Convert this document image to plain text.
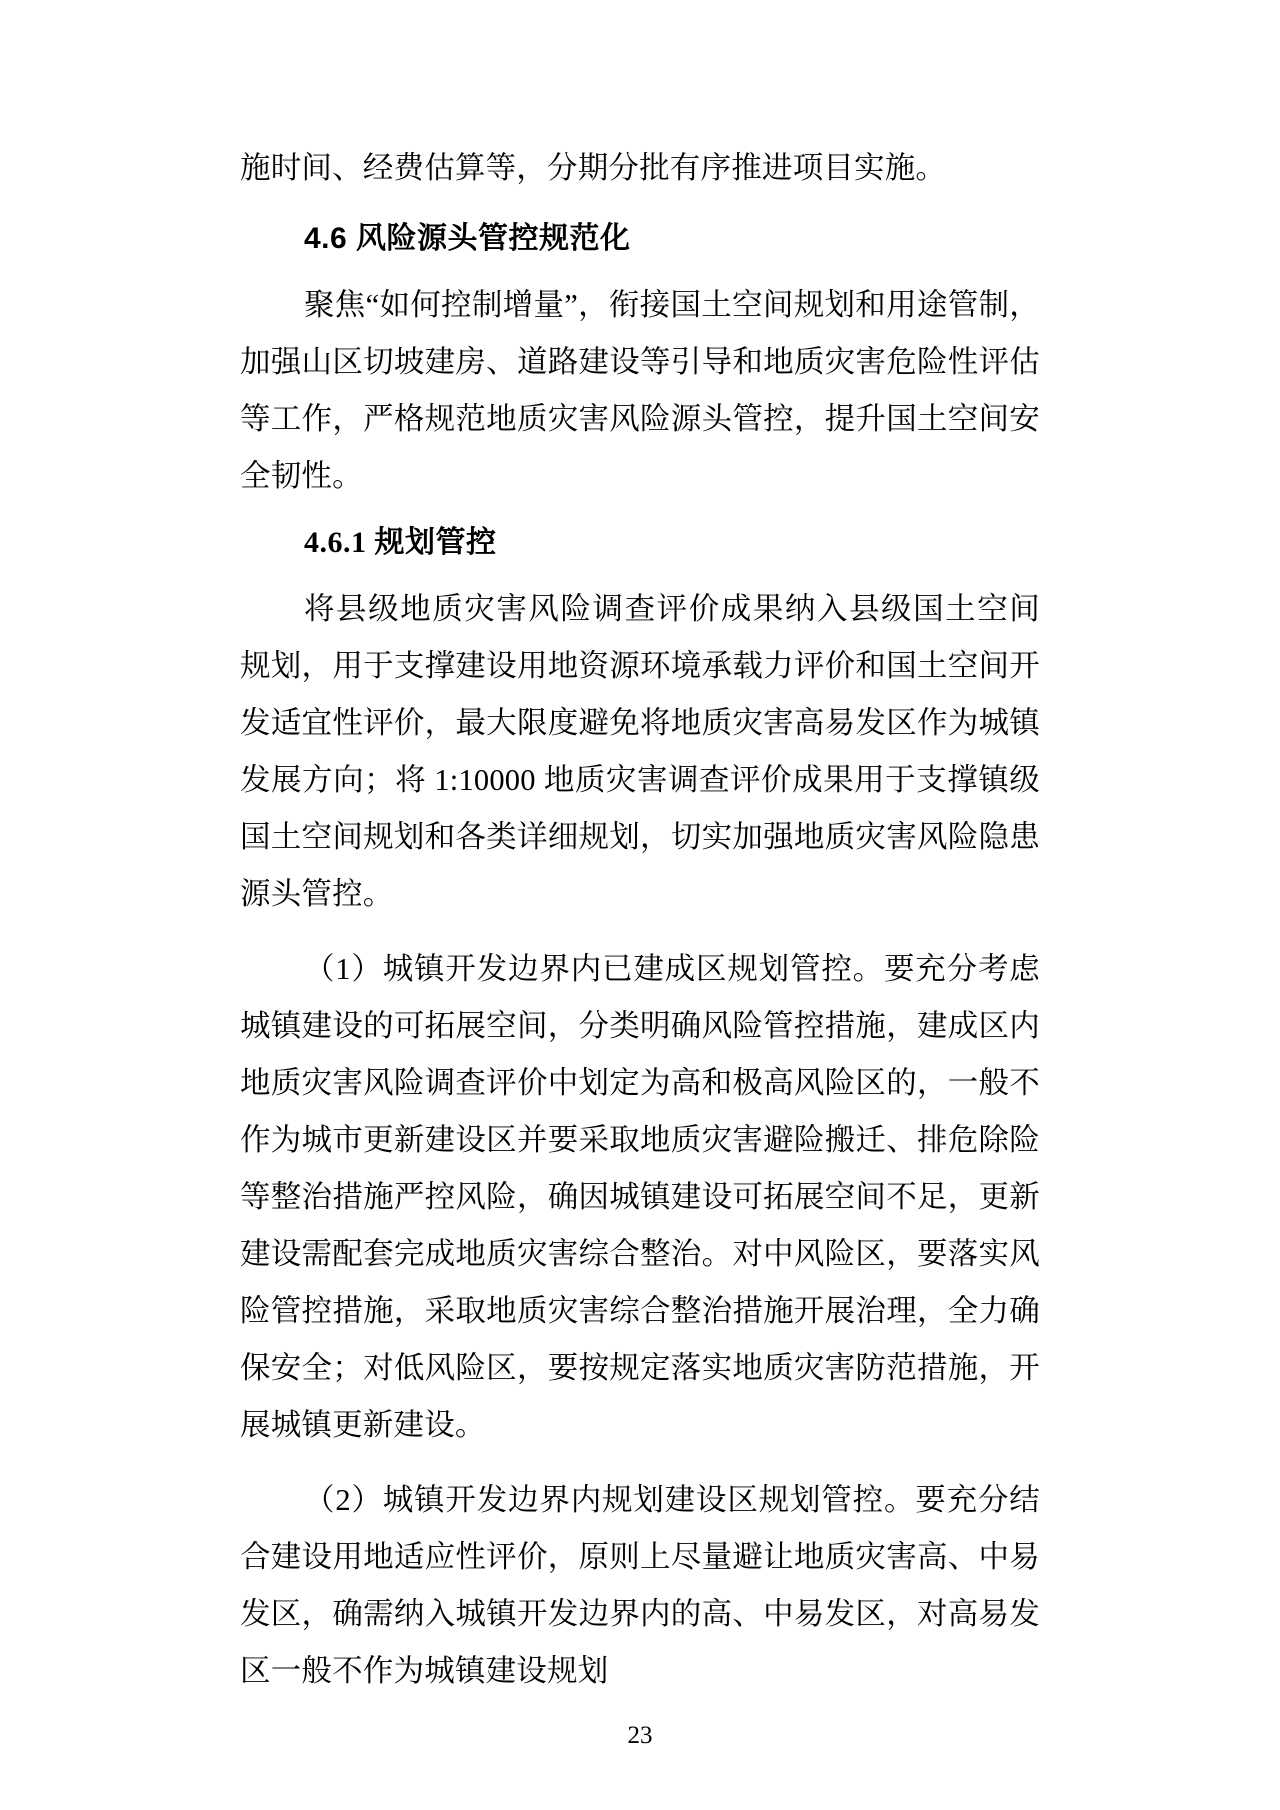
施时间、经费估算等，分期分批有序推进项目实施。

4.6 风险源头管控规范化

聚焦“如何控制增量”，衔接国土空间规划和用途管制，加强山区切坡建房、道路建设等引导和地质灾害危险性评估等工作，严格规范地质灾害风险源头管控，提升国土空间安全韧性。

4.6.1 规划管控

将县级地质灾害风险调查评价成果纳入县级国土空间规划，用于支撑建设用地资源环境承载力评价和国土空间开发适宜性评价，最大限度避免将地质灾害高易发区作为城镇发展方向；将 1:10000 地质灾害调查评价成果用于支撑镇级国土空间规划和各类详细规划，切实加强地质灾害风险隐患源头管控。

（1）城镇开发边界内已建成区规划管控。要充分考虑城镇建设的可拓展空间，分类明确风险管控措施，建成区内地质灾害风险调查评价中划定为高和极高风险区的，一般不作为城市更新建设区并要采取地质灾害避险搬迁、排危除险等整治措施严控风险，确因城镇建设可拓展空间不足，更新建设需配套完成地质灾害综合整治。对中风险区，要落实风险管控措施，采取地质灾害综合整治措施开展治理，全力确保安全；对低风险区，要按规定落实地质灾害防范措施，开展城镇更新建设。

（2）城镇开发边界内规划建设区规划管控。要充分结合建设用地适应性评价，原则上尽量避让地质灾害高、中易发区，确需纳入城镇开发边界内的高、中易发区，对高易发区一般不作为城镇建设规划

23
